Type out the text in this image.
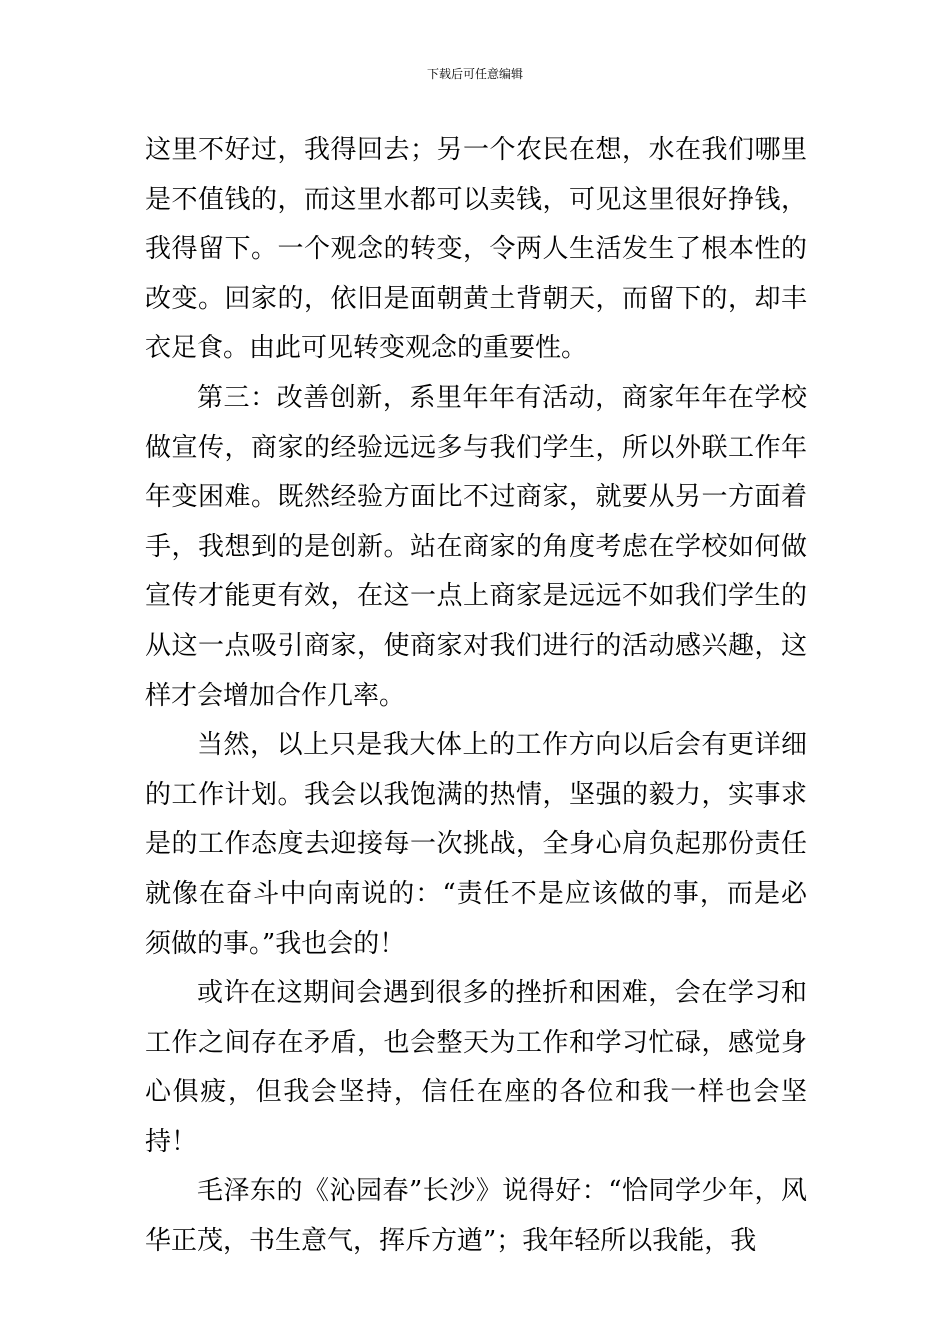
下载后可任意编辑

这里不好过，我得回去；另一个农民在想，水在我们哪里是不值钱的，而这里水都可以卖钱，可见这里很好挣钱，我得留下。一个观念的转变，令两人生活发生了根本性的改变。回家的，依旧是面朝黄土背朝天，而留下的，却丰衣足食。由此可见转变观念的重要性。

第三：改善创新，系里年年有活动，商家年年在学校做宣传，商家的经验远远多与我们学生，所以外联工作年年变困难。既然经验方面比不过商家，就要从另一方面着手，我想到的是创新。站在商家的角度考虑在学校如何做宣传才能更有效，在这一点上商家是远远不如我们学生的从这一点吸引商家，使商家对我们进行的活动感兴趣，这样才会增加合作几率。

当然，以上只是我大体上的工作方向以后会有更详细的工作计划。我会以我饱满的热情，坚强的毅力，实事求是的工作态度去迎接每一次挑战，全身心肩负起那份责任就像在奋斗中向南说的：“责任不是应该做的事，而是必须做的事。”我也会的！

或许在这期间会遇到很多的挫折和困难，会在学习和工作之间存在矛盾，也会整天为工作和学习忙碌，感觉身心俱疲，但我会坚持，信任在座的各位和我一样也会坚持！

毛泽东的《沁园春”长沙》说得好：“恰同学少年，风华正茂，书生意气，挥斥方遒”；我年轻所以我能，我
